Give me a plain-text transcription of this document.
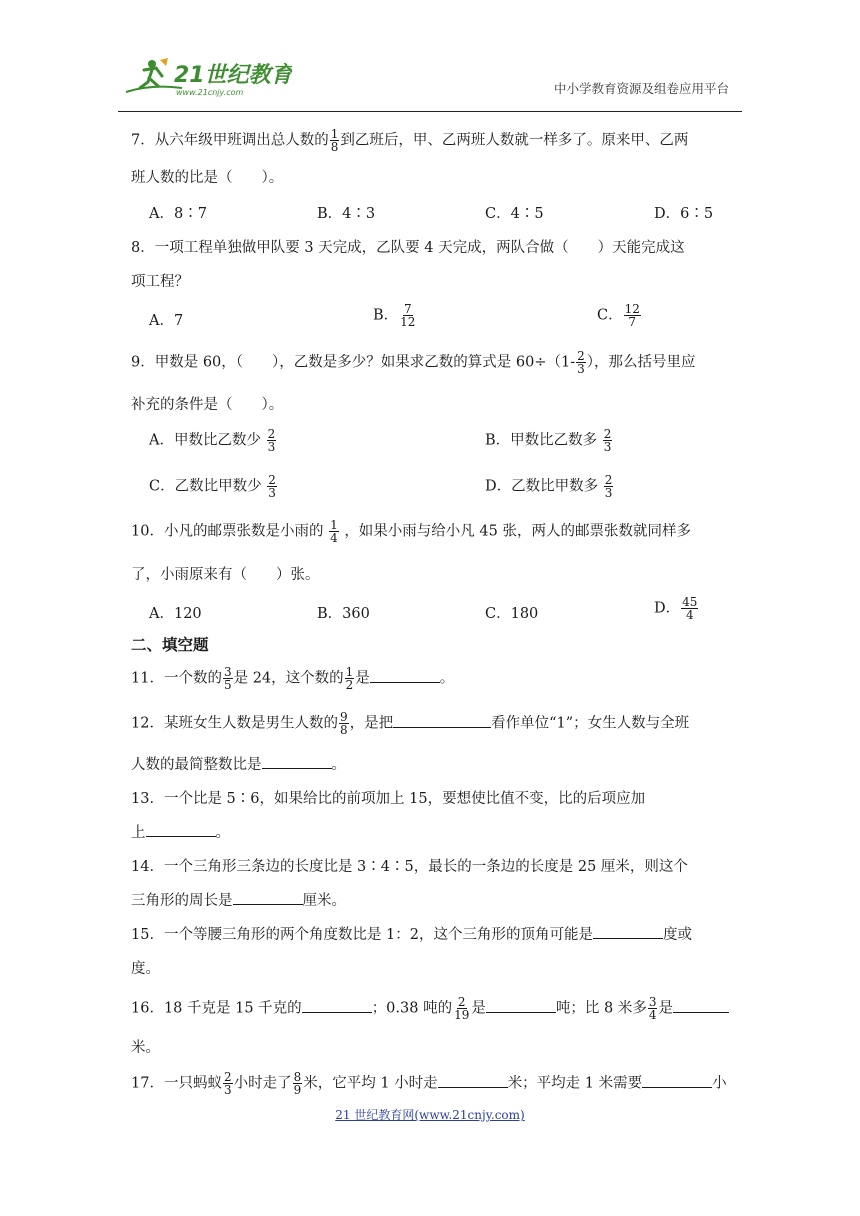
21世纪教育
www.21cnjy.com	中小学教育资源及组卷应用平台
7．从六年级甲班调出总人数的 $\frac{1}{8}$ 到乙班后，甲、乙两班人数就一样多了。原来甲、乙两
班人数的比是（　　）。
A．8∶7	B．4∶3	C．4∶5	D．6∶5
8．一项工程单独做甲队要 3 天完成，乙队要 4 天完成，两队合做（　　）天能完成这
项工程？
A．7	B． $\frac{7}{12}$	C． $\frac{12}{7}$
9．甲数是 60，（　　），乙数是多少？如果求乙数的算式是 $60\div(1- \frac{2}{3}$ ），那么括号里应
补充的条件是（　　）。
A．甲数比乙数少 $\frac{2}{3}$	B．甲数比乙数多 $\frac{2}{3}$
C．乙数比甲数少 $\frac{2}{3}$	D．乙数比甲数多 $\frac{2}{3}$
10．小凡的邮票张数是小雨的 $\frac{1}{4}$ ，如果小雨与给小凡 45 张，两人的邮票张数就同样多
了，小雨原来有（　　）张。
A．120	B．360	C．180	D． $\frac{45}{4}$
二、填空题
11．一个数的 $\frac{3}{5}$ 是 24，这个数的 $\frac{1}{2}$ 是	。
12．某班女生人数是男生人数的 $\frac{9}{8}$ ，是把	看作单位“1”；女生人数与全班
人数的最简整数比是	。
13．一个比是 5∶6，如果给比的前项加上 15，要想使比值不变，比的后项应加
上	。
14．一个三角形三条边的长度比是 3∶4∶5，最长的一条边的长度是 25 厘米，则这个
三角形的周长是	厘米。
15．一个等腰三角形的两个角度数比是 1：2，这个三角形的顶角可能是	度或
度。
16．18 千克是 15 千克的	；0.38 吨的 $\frac{2}{19}$ 是	吨；比 8 米多 $\frac{3}{4}$ 是
米。
17．一只蚂蚁 $\frac{2}{3}$ 小时走了 $\frac{8}{9}$ 米，它平均 1 小时走	米；平均走 1 米需要	小
21 世纪教育网(www.21cnjy.com)
